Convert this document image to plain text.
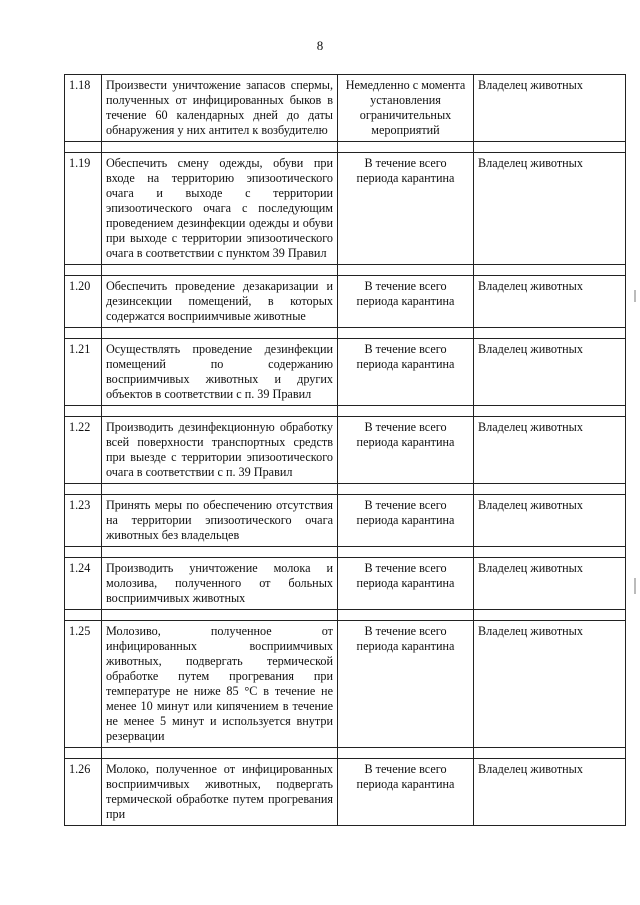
8
1.18	Произвести уничтожение запасов спермы, полученных от инфицированных быков в течение 60 календарных дней до даты обнаружения у них антител к возбудителю	Немедленно с момента установления ограничительных мероприятий	Владелец животных

1.19	Обеспечить смену одежды, обуви при входе на территорию эпизоотического очага и выходе с территории эпизоотического очага с последующим проведением дезинфекции одежды и обуви при выходе с территории эпизоотического очага в соответствии с пунктом 39 Правил	В течение всего периода карантина	Владелец животных

1.20	Обеспечить проведение дезакаризации и дезинсекции помещений, в которых содержатся восприимчивые животные	В течение всего периода карантина	Владелец животных

1.21	Осуществлять проведение дезинфекции помещений по содержанию восприимчивых животных и других объектов в соответствии с п. 39 Правил	В течение всего периода карантина	Владелец животных

1.22	Производить дезинфекционную обработку всей поверхности транспортных средств при выезде с территории эпизоотического очага в соответствии с п. 39 Правил	В течение всего периода карантина	Владелец животных

1.23	Принять меры по обеспечению отсутствия на территории эпизоотического очага животных без владельцев	В течение всего периода карантина	Владелец животных

1.24	Производить уничтожение молока и молозива, полученного от больных восприимчивых животных	В течение всего периода карантина	Владелец животных

1.25	Молозиво, полученное от инфицированных восприимчивых животных, подвергать термической обработке путем прогревания при температуре не ниже 85 °С в течение не менее 10 минут или кипячением в течение не менее 5 минут и используется внутри резервации	В течение всего периода карантина	Владелец животных

1.26	Молоко, полученное от инфицированных восприимчивых животных, подвергать термической обработке путем прогревания при	В течение всего периода карантина	Владелец животных
